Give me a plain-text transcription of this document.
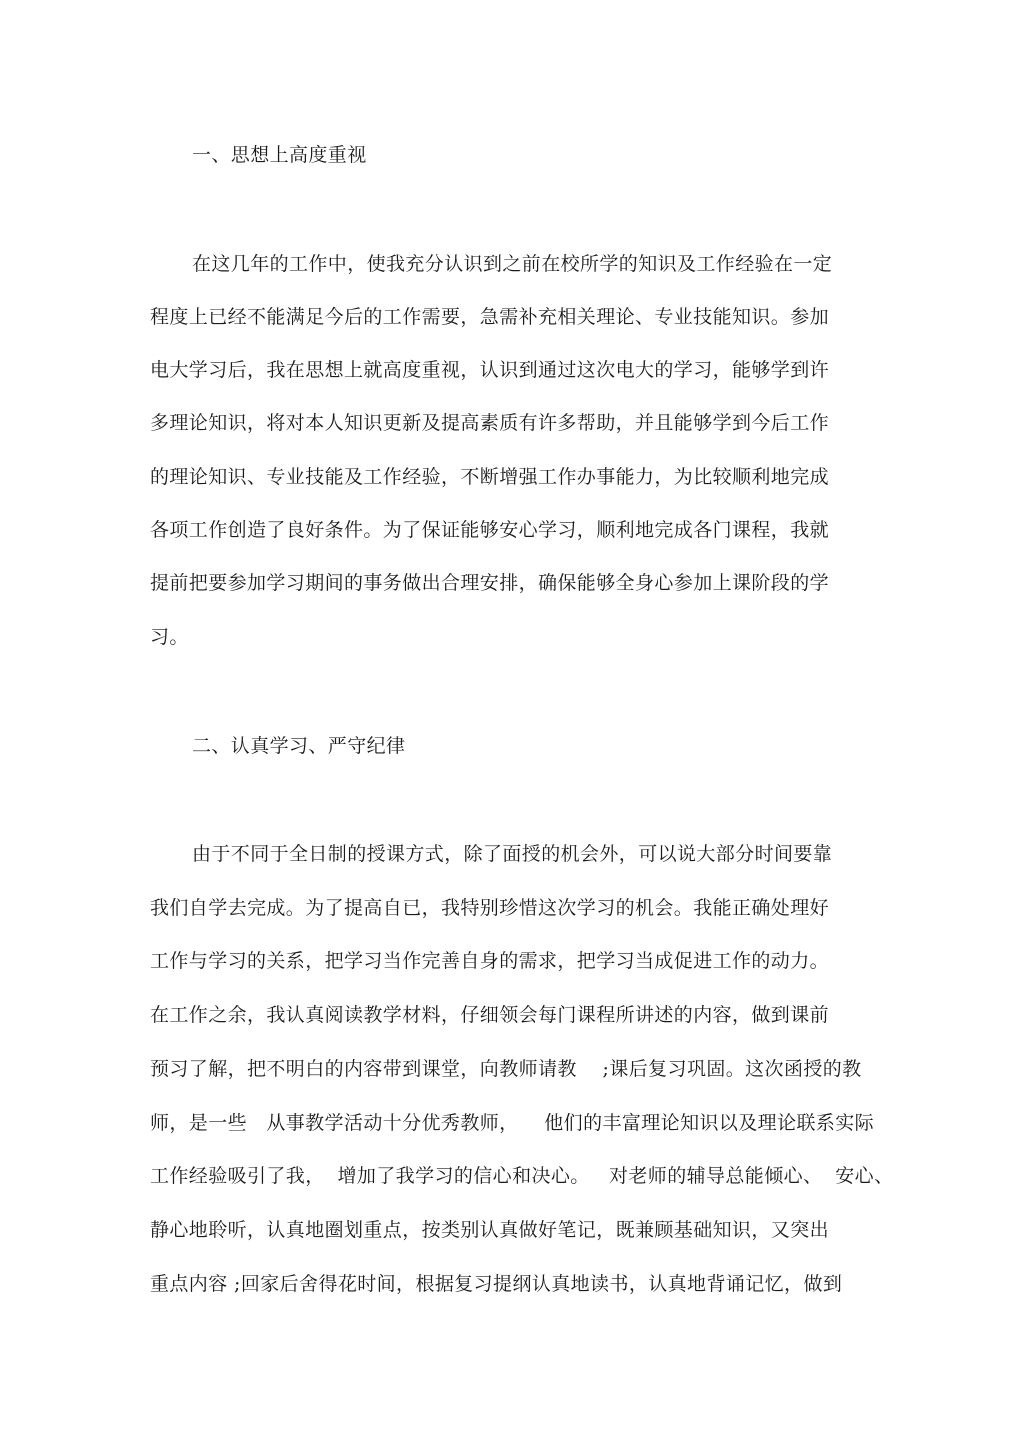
一、思想上高度重视
在这几年的工作中，使我充分认识到之前在校所学的知识及工作经验在一定
程度上已经不能满足今后的工作需要，急需补充相关理论、专业技能知识。参加
电大学习后，我在思想上就高度重视，认识到通过这次电大的学习，能够学到许
多理论知识，将对本人知识更新及提高素质有许多帮助，并且能够学到今后工作
的理论知识、专业技能及工作经验，不断增强工作办事能力，为比较顺利地完成
各项工作创造了良好条件。为了保证能够安心学习，顺利地完成各门课程，我就
提前把要参加学习期间的事务做出合理安排，确保能够全身心参加上课阶段的学
习。
二、认真学习、严守纪律
由于不同于全日制的授课方式，除了面授的机会外，可以说大部分时间要靠
我们自学去完成。为了提高自已，我特别珍惜这次学习的机会。我能正确处理好
工作与学习的关系，把学习当作完善自身的需求，把学习当成促进工作的动力。
在工作之余，我认真阅读教学材料，仔细领会每门课程所讲述的内容，做到课前
预习了解，把不明白的内容带到课堂，向教师请教    ;课后复习巩固。这次函授的教
师，是一些   从事教学活动十分优秀教师，    他们的丰富理论知识以及理论联系实际
工作经验吸引了我，  增加了我学习的信心和决心。   对老师的辅导总能倾心、  安心、
静心地聆听，认真地圈划重点，按类别认真做好笔记，既兼顾基础知识，又突出
重点内容 ;回家后舍得花时间，根据复习提纲认真地读书，认真地背诵记忆，做到
